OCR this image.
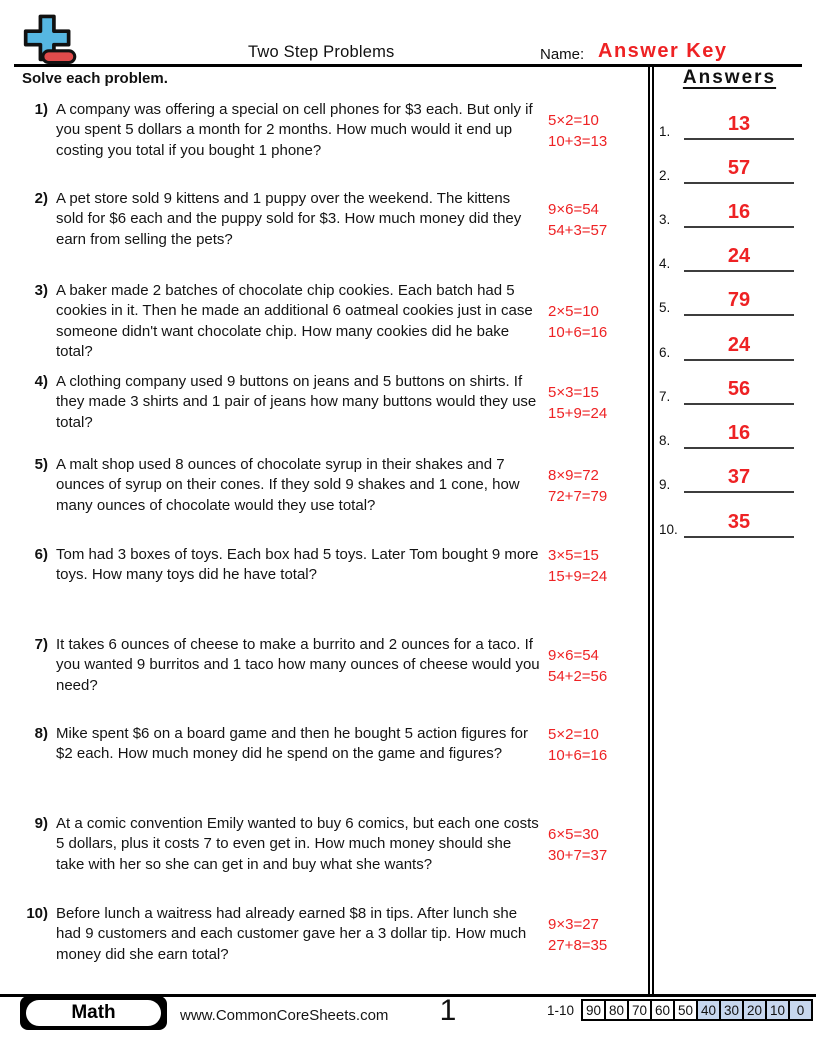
Two Step Problems	Name: Answer Key
Solve each problem.
1) A company was offering a special on cell phones for $3 each. But only if you spent 5 dollars a month for 2 months. How much would it end up costing you total if you bought 1 phone?
5×2=10
10+3=13
2) A pet store sold 9 kittens and 1 puppy over the weekend. The kittens sold for $6 each and the puppy sold for $3. How much money did they earn from selling the pets?
9×6=54
54+3=57
3) A baker made 2 batches of chocolate chip cookies. Each batch had 5 cookies in it. Then he made an additional 6 oatmeal cookies just in case someone didn't want chocolate chip. How many cookies did he bake total?
2×5=10
10+6=16
4) A clothing company used 9 buttons on jeans and 5 buttons on shirts. If they made 3 shirts and 1 pair of jeans how many buttons would they use total?
5×3=15
15+9=24
5) A malt shop used 8 ounces of chocolate syrup in their shakes and 7 ounces of syrup on their cones. If they sold 9 shakes and 1 cone, how many ounces of chocolate would they use total?
8×9=72
72+7=79
6) Tom had 3 boxes of toys. Each box had 5 toys. Later Tom bought 9 more toys. How many toys did he have total?
3×5=15
15+9=24
7) It takes 6 ounces of cheese to make a burrito and 2 ounces for a taco. If you wanted 9 burritos and 1 taco how many ounces of cheese would you need?
9×6=54
54+2=56
8) Mike spent $6 on a board game and then he bought 5 action figures for $2 each. How much money did he spend on the game and figures?
5×2=10
10+6=16
9) At a comic convention Emily wanted to buy 6 comics, but each one costs 5 dollars, plus it costs 7 to even get in. How much money should she take with her so she can get in and buy what she wants?
6×5=30
30+7=37
10) Before lunch a waitress had already earned $8 in tips. After lunch she had 9 customers and each customer gave her a 3 dollar tip. How much money did she earn total?
9×3=27
27+8=35
Answers
1.	13
2.	57
3.	16
4.	24
5.	79
6.	24
7.	56
8.	16
9.	37
10.	35
Math	www.CommonCoreSheets.com	1	1-10 90 80 70 60 50 40 30 20 10 0
